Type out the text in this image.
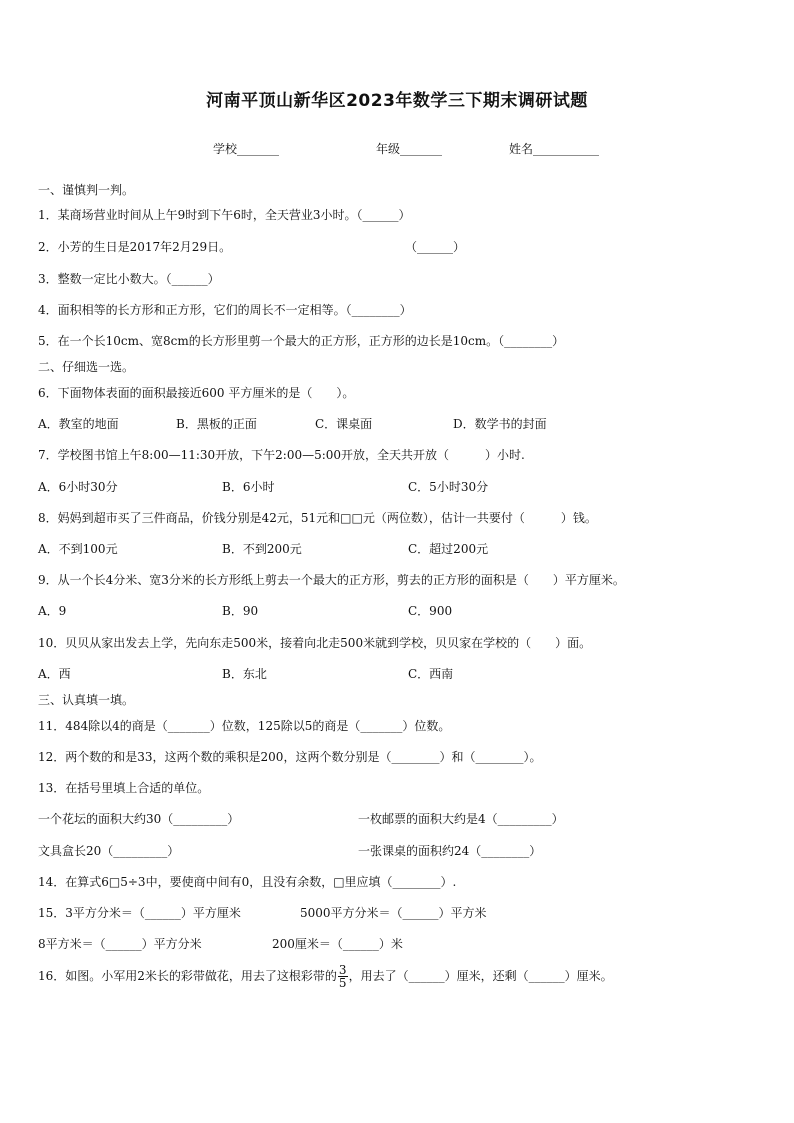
河南平顶山新华区2023年数学三下期末调研试题
学校_______	年级_______	姓名___________
一、谨慎判一判。
1．某商场营业时间从上午9时到下午6时，全天营业3小时。（______）
2．小芳的生日是2017年2月29日。	（______）
3．整数一定比小数大。（______）
4．面积相等的长方形和正方形，它们的周长不一定相等。（________）
5．在一个长10cm、宽8cm的长方形里剪一个最大的正方形，正方形的边长是10cm。（________）
二、仔细选一选。
6．下面物体表面的面积最接近600 平方厘米的是（　　）。
A．教室的地面	B．黑板的正面	C．课桌面	D．数学书的封面
7．学校图书馆上午8:00—11:30开放，下午2:00—5:00开放，全天共开放（　　　）小时.
A．6小时30分	B．6小时	C．5小时30分
8．妈妈到超市买了三件商品，价钱分别是42元，51元和□□元（两位数），估计一共要付（　　　）钱。
A．不到100元	B．不到200元	C．超过200元
9．从一个长4分米、宽3分米的长方形纸上剪去一个最大的正方形，剪去的正方形的面积是（　　）平方厘米。
A．9	B．90	C．900
10．贝贝从家出发去上学，先向东走500米，接着向北走500米就到学校，贝贝家在学校的（　　）面。
A．西	B．东北	C．西南
三、认真填一填。
11．484除以4的商是（_______）位数，125除以5的商是（_______）位数。
12．两个数的和是33，这两个数的乘积是200，这两个数分别是（________）和（________）。
13．在括号里填上合适的单位。
一个花坛的面积大约30（_________）	一枚邮票的面积大约是4（_________）
文具盒长20（_________）	一张课桌的面积约24（________）
14．在算式6□5÷3中，要使商中间有0，且没有余数，□里应填（________）.
15．3平方分米＝（______）平方厘米	5000平方分米＝（______）平方米
8平方米＝（______）平方分米	200厘米＝（______）米
16．如图。小军用2米长的彩带做花，用去了这根彩带的 $\frac{3}{5}$ ，用去了（______）厘米，还剩（______）厘米。
